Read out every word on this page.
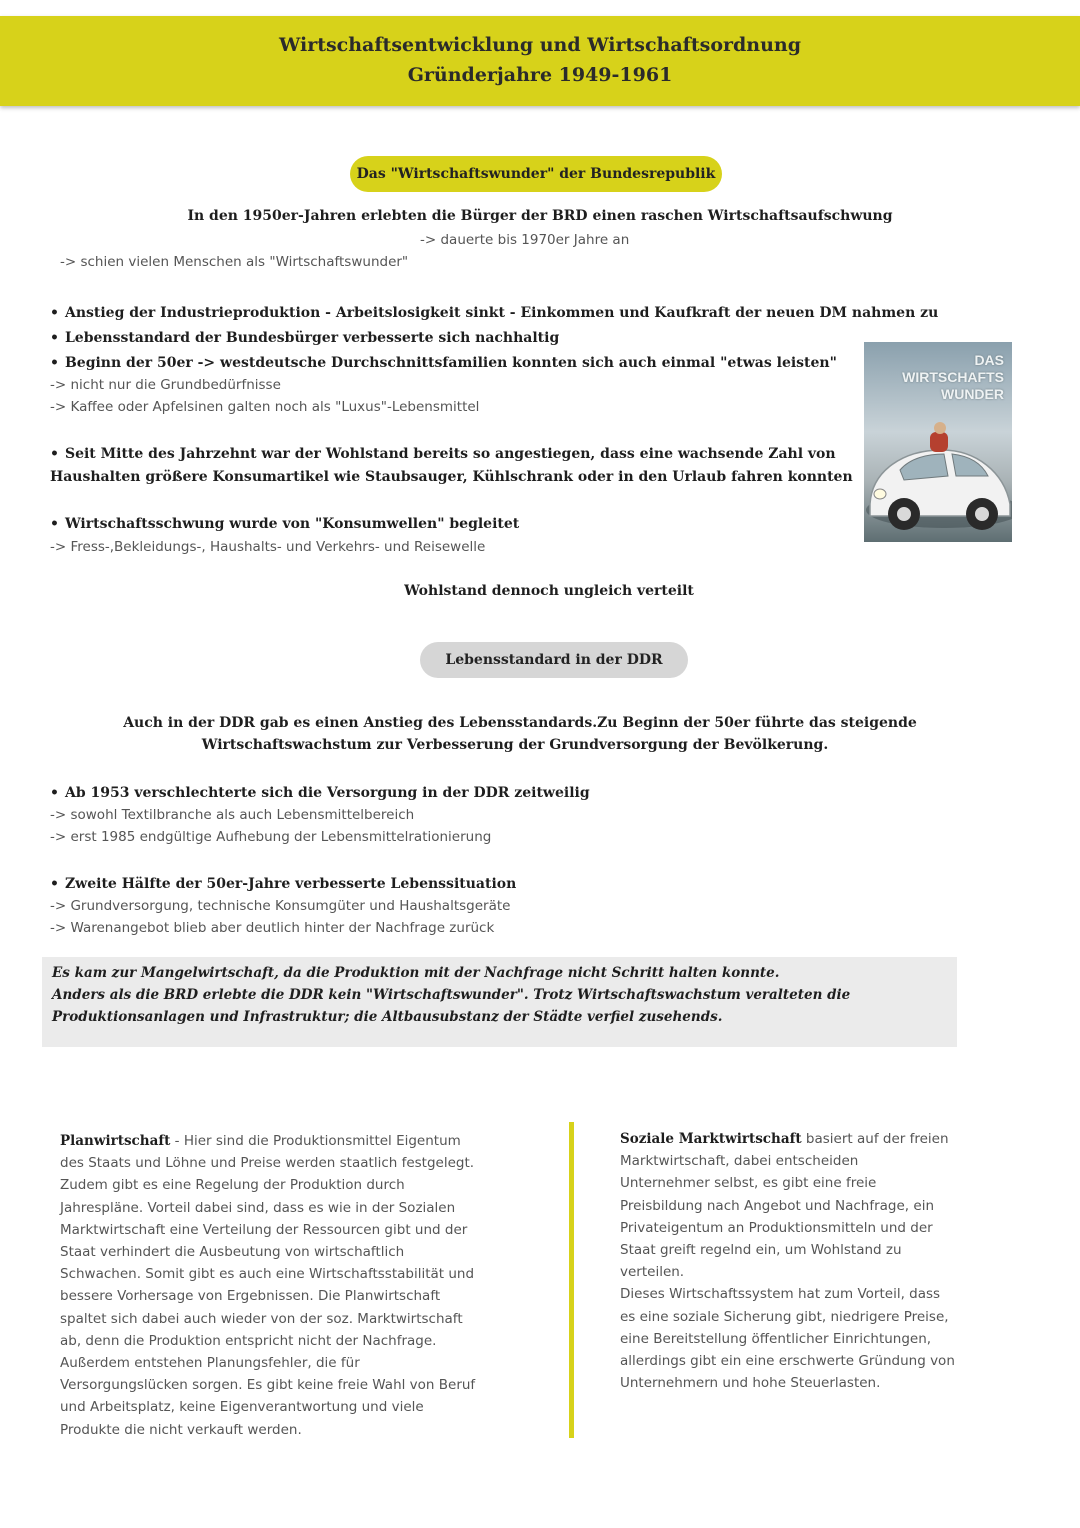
Wirtschaftsentwicklung und Wirtschaftsordnung
Gründerjahre 1949-1961
Das "Wirtschaftswunder" der Bundesrepublik
In den 1950er-Jahren erlebten die Bürger der BRD einen raschen Wirtschaftsaufschwung
-> dauerte bis 1970er Jahre an
-> schien vielen Menschen als "Wirtschaftswunder"
• Anstieg der Industrieproduktion - Arbeitslosigkeit sinkt - Einkommen und Kaufkraft der neuen DM nahmen zu
• Lebensstandard der Bundesbürger verbesserte sich nachhaltig
• Beginn der 50er -> westdeutsche Durchschnittsfamilien konnten sich auch einmal "etwas leisten"
-> nicht nur die Grundbedürfnisse
-> Kaffee oder Apfelsinen galten noch als "Luxus"-Lebensmittel
• Seit Mitte des Jahrzehnt war der Wohlstand bereits so angestiegen, dass eine wachsende Zahl von
Haushalten größere Konsumartikel wie Staubsauger, Kühlschrank oder in den Urlaub fahren konnten
• Wirtschaftsschwung wurde von "Konsumwellen" begleitet
-> Fress-,Bekleidungs-, Haushalts- und Verkehrs- und Reisewelle
Wohlstand dennoch ungleich verteilt
DAS
WIRTSCHAFTS
WUNDER
Lebensstandard in der DDR
Auch in der DDR gab es einen Anstieg des Lebensstandards.Zu Beginn der 50er führte das steigende
Wirtschaftswachstum zur Verbesserung der Grundversorgung der Bevölkerung.
• Ab 1953 verschlechterte sich die Versorgung in der DDR zeitweilig
-> sowohl Textilbranche als auch Lebensmittelbereich
-> erst 1985 endgültige Aufhebung der Lebensmittelrationierung
• Zweite Hälfte der 50er-Jahre verbesserte Lebenssituation
-> Grundversorgung, technische Konsumgüter und Haushaltsgeräte
-> Warenangebot blieb aber deutlich hinter der Nachfrage zurück
Es kam zur Mangelwirtschaft, da die Produktion mit der Nachfrage nicht Schritt halten konnte.
Anders als die BRD erlebte die DDR kein "Wirtschaftswunder". Trotz Wirtschaftswachstum veralteten die
Produktionsanlagen und Infrastruktur; die Altbausubstanz der Städte verfiel zusehends.
Planwirtschaft - Hier sind die Produktionsmittel Eigentum
des Staats und Löhne und Preise werden staatlich festgelegt.
Zudem gibt es eine Regelung der Produktion durch
Jahrespläne. Vorteil dabei sind, dass es wie in der Sozialen
Marktwirtschaft eine Verteilung der Ressourcen gibt und der
Staat verhindert die Ausbeutung von wirtschaftlich
Schwachen. Somit gibt es auch eine Wirtschaftsstabilität und
bessere Vorhersage von Ergebnissen. Die Planwirtschaft
spaltet sich dabei auch wieder von der soz. Marktwirtschaft
ab, denn die Produktion entspricht nicht der Nachfrage.
Außerdem entstehen Planungsfehler, die für
Versorgungslücken sorgen. Es gibt keine freie Wahl von Beruf
und Arbeitsplatz, keine Eigenverantwortung und viele
Produkte die nicht verkauft werden.
Soziale Marktwirtschaft basiert auf der freien
Marktwirtschaft, dabei entscheiden
Unternehmer selbst, es gibt eine freie
Preisbildung nach Angebot und Nachfrage, ein
Privateigentum an Produktionsmitteln und der
Staat greift regelnd ein, um Wohlstand zu
verteilen.
Dieses Wirtschaftssystem hat zum Vorteil, dass
es eine soziale Sicherung gibt, niedrigere Preise,
eine Bereitstellung öffentlicher Einrichtungen,
allerdings gibt ein eine erschwerte Gründung von
Unternehmern und hohe Steuerlasten.
